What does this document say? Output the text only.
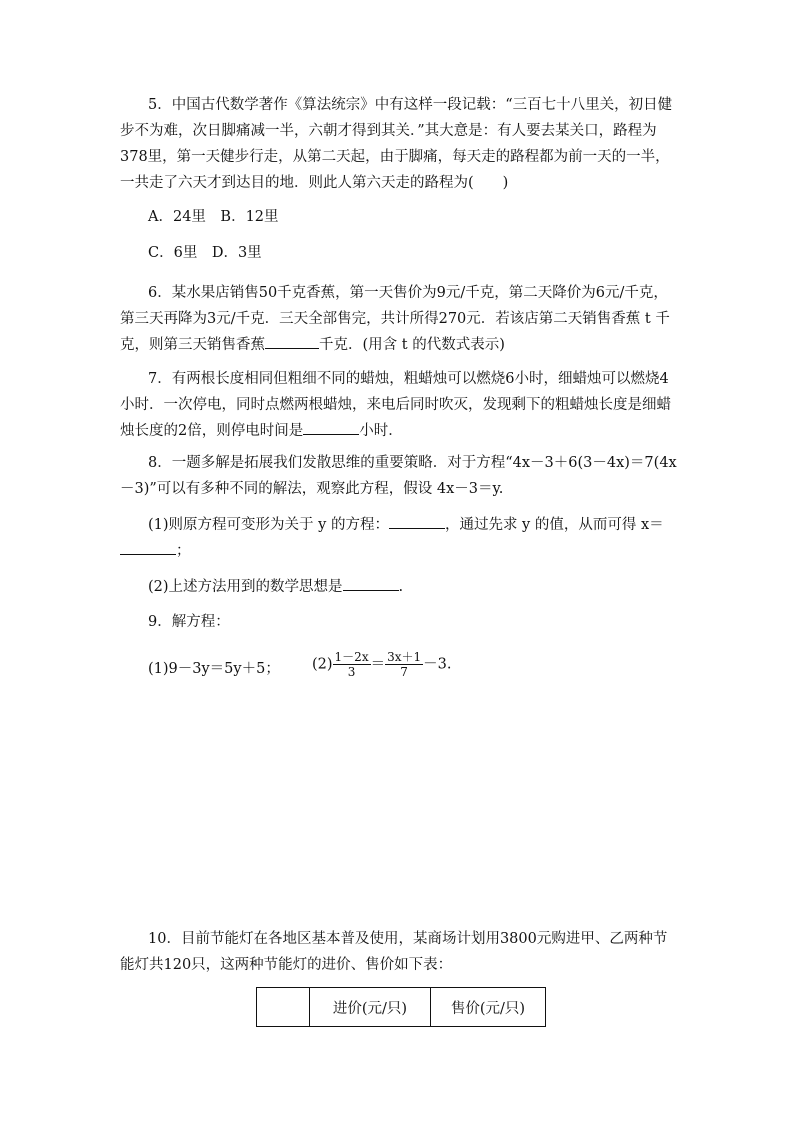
5．中国古代数学著作《算法统宗》中有这样一段记载：“三百七十八里关，初日健步不为难，次日脚痛减一半，六朝才得到其关．”其大意是：有人要去某关口，路程为378里，第一天健步行走，从第二天起，由于脚痛，每天走的路程都为前一天的一半，一共走了六天才到达目的地．则此人第六天走的路程为(　　)
A．24里　B．12里
C．6里　D．3里
6．某水果店销售50千克香蕉，第一天售价为9元/千克，第二天降价为6元/千克，第三天再降为3元/千克．三天全部售完，共计所得270元．若该店第二天销售香蕉 t 千克，则第三天销售香蕉	千克．(用含 t 的代数式表示)
7．有两根长度相同但粗细不同的蜡烛，粗蜡烛可以燃烧6小时，细蜡烛可以燃烧4小时．一次停电，同时点燃两根蜡烛，来电后同时吹灭，发现剩下的粗蜡烛长度是细蜡烛长度的2倍，则停电时间是	小时．
8．一题多解是拓展我们发散思维的重要策略．对于方程“4x－3＋6(3－4x)＝7(4x－3)”可以有多种不同的解法，观察此方程，假设 4x－3＝y.
(1)则原方程可变形为关于 y 的方程：	，通过先求 y 的值，从而可得 x＝
；
(2)上述方法用到的数学思想是	.
9．解方程：
(1)9－3y＝5y＋5； $(2) \frac{1-2x}{3} = \frac{3x+1}{7} -3$.
10．目前节能灯在各地区基本普及使用，某商场计划用3800元购进甲、乙两种节能灯共120只，这两种节能灯的进价、售价如下表：
	进价(元/只)	售价(元/只)
